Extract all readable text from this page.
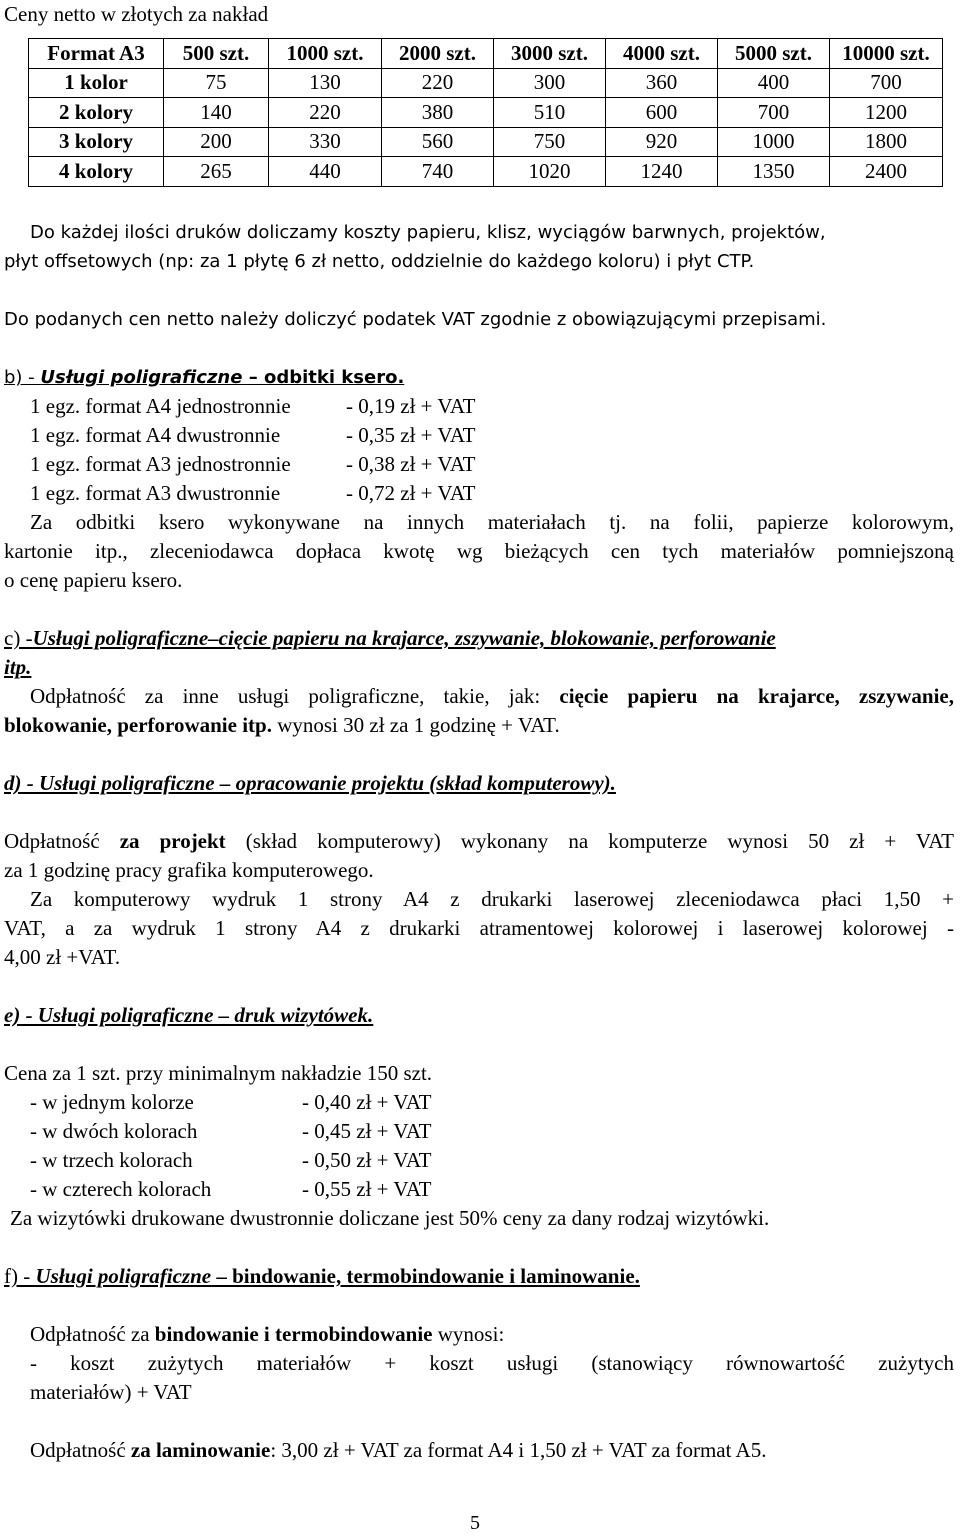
Ceny netto w złotych za nakład
Format A3	500 szt.	1000 szt.	2000 szt.	3000 szt.	4000 szt.	5000 szt.	10000 szt.
1 kolor	75	130	220	300	360	400	700
2 kolory	140	220	380	510	600	700	1200
3 kolory	200	330	560	750	920	1000	1800
4 kolory	265	440	740	1020	1240	1350	2400
Do każdej ilości druków doliczamy koszty papieru, klisz, wyciągów barwnych, projektów,
płyt offsetowych (np: za 1 płytę 6 zł netto, oddzielnie do każdego koloru) i płyt CTP.
Do podanych cen netto należy doliczyć podatek VAT zgodnie z obowiązującymi przepisami.
b) - Usługi poligraficzne – odbitki ksero.
1 egz. format A4 jednostronnie	- 0,19 zł + VAT
1 egz. format A4 dwustronnie	- 0,35 zł + VAT
1 egz. format A3 jednostronnie	- 0,38 zł + VAT
1 egz. format A3 dwustronnie	- 0,72 zł + VAT
Za odbitki ksero wykonywane na innych materiałach tj. na folii, papierze kolorowym,
kartonie itp., zleceniodawca dopłaca kwotę wg bieżących cen tych materiałów pomniejszoną
o cenę papieru ksero.
c) -Usługi poligraficzne–cięcie papieru na krajarce, zszywanie, blokowanie, perforowanie
itp.
Odpłatność za inne usługi poligraficzne, takie, jak: cięcie papieru na krajarce, zszywanie,
blokowanie, perforowanie itp. wynosi 30 zł za 1 godzinę + VAT.
d) - Usługi poligraficzne – opracowanie projektu (skład komputerowy).
Odpłatność za projekt (skład komputerowy) wykonany na komputerze wynosi 50 zł + VAT
za 1 godzinę pracy grafika komputerowego.
Za komputerowy wydruk 1 strony A4 z drukarki laserowej zleceniodawca płaci 1,50 +
VAT, a za wydruk 1 strony A4 z drukarki atramentowej kolorowej i laserowej kolorowej -
4,00 zł +VAT.
e) - Usługi poligraficzne – druk wizytówek.
Cena za 1 szt. przy minimalnym nakładzie 150 szt.
- w jednym kolorze	- 0,40 zł + VAT
- w dwóch kolorach	- 0,45 zł + VAT
- w trzech kolorach	- 0,50 zł + VAT
- w czterech kolorach	- 0,55 zł + VAT
Za wizytówki drukowane dwustronnie doliczane jest 50% ceny za dany rodzaj wizytówki.
f) - Usługi poligraficzne – bindowanie, termobindowanie i laminowanie.
Odpłatność za bindowanie i termobindowanie wynosi:
- koszt zużytych materiałów + koszt usługi (stanowiący równowartość zużytych
materiałów) + VAT
Odpłatność za laminowanie: 3,00 zł + VAT za format A4 i 1,50 zł + VAT za format A5.
5
